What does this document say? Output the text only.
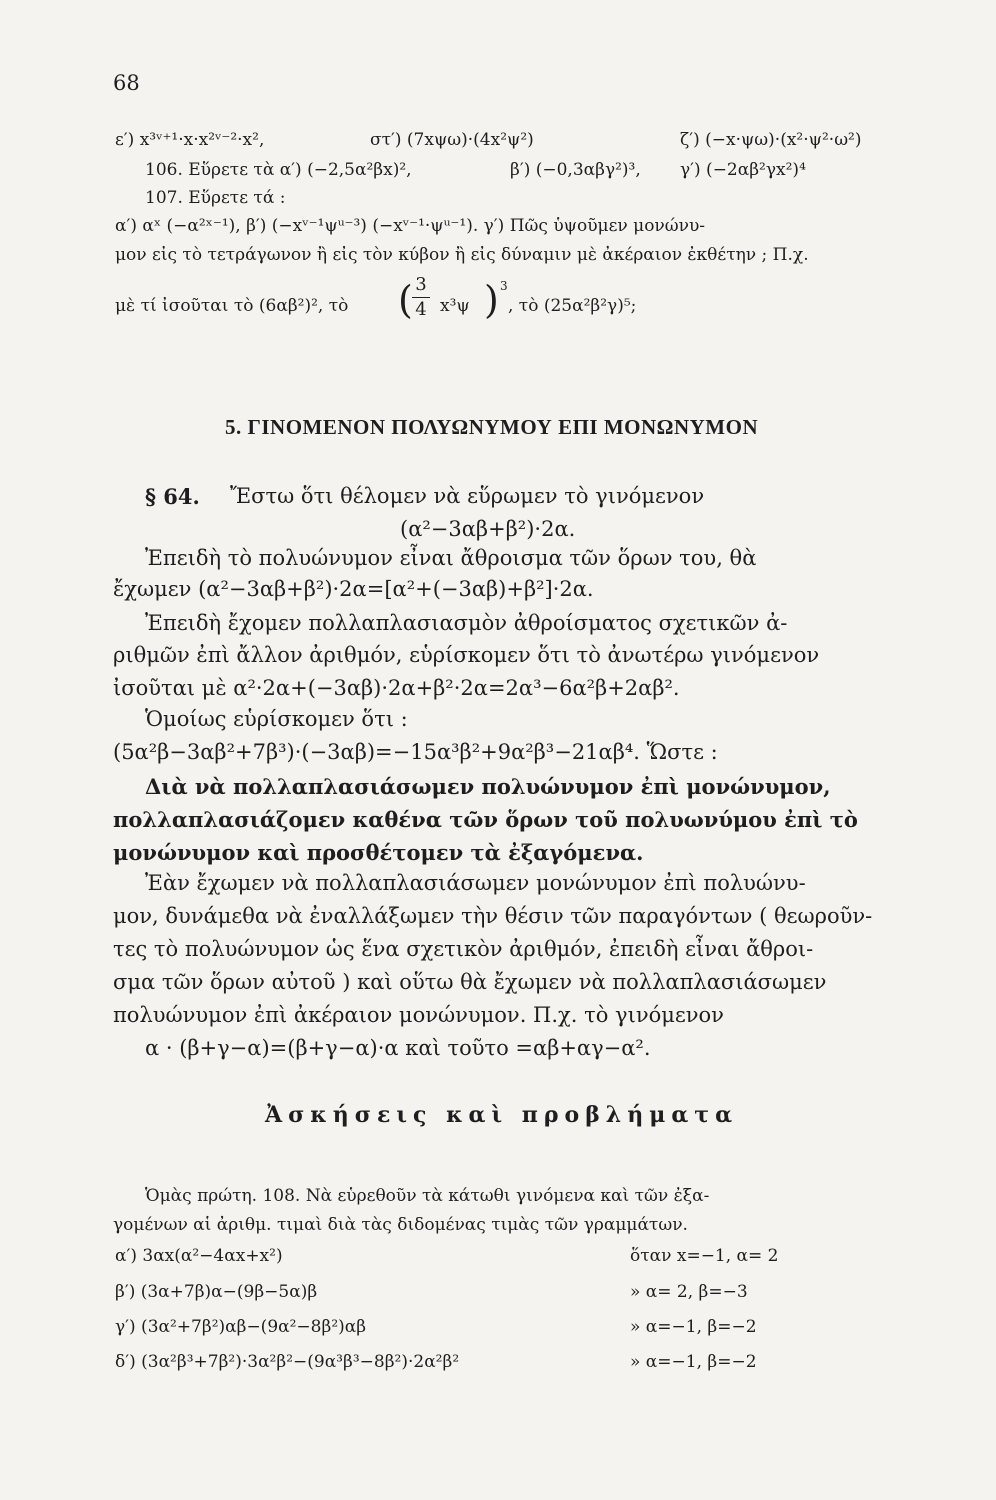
68
ε′) x³ᵛ⁺¹·x·x²ᵛ⁻²·x²,	στ′) (7xψω)·(4x²ψ²)	ζ′) (−x·ψω)·(x²·ψ²·ω²)
106. Εὕρετε τὰ α′) (−2,5α²βx)²,	β′) (−0,3αβγ²)³, γ′) (−2αβ²γx²)⁴
107. Εὕρετε τά :
α′) αˣ (−α²ˣ⁻¹), β′) (−xᵛ⁻¹ψᵘ⁻³) (−xᵛ⁻¹·ψᵘ⁻¹). γ′) Πῶς ὑψοῦμεν μονώνυ-
μον εἰς τὸ τετράγωνον ἢ εἰς τὸν κύβον ἢ εἰς δύναμιν μὲ ἀκέραιον ἐκθέτην ; Π.χ.
μὲ τί ἰσοῦται τὸ (6αβ²)², τὸ ( 3
4 x³ψ ) 3
, τὸ (25α²β²γ)⁵;
5. ΓΙΝΟΜΕΝΟΝ ΠΟΛΥΩΝΥΜΟΥ ΕΠΙ ΜΟΝΩΝΥΜΟΝ
§ 64. Ἔστω ὅτι θέλομεν νὰ εὕρωμεν τὸ γινόμενον
(α²−3αβ+β²)·2α.
Ἐπειδὴ τὸ πολυώνυμον εἶναι ἄθροισμα τῶν ὅρων του, θὰ
ἔχωμεν (α²−3αβ+β²)·2α=[α²+(−3αβ)+β²]·2α.
Ἐπειδὴ ἔχομεν πολλαπλασιασμὸν ἀθροίσματος σχετικῶν ἀ-
ριθμῶν ἐπὶ ἄλλον ἀριθμόν, εὑρίσκομεν ὅτι τὸ ἀνωτέρω γινόμενον
ἰσοῦται μὲ α²·2α+(−3αβ)·2α+β²·2α=2α³−6α²β+2αβ².
Ὁμοίως εὑρίσκομεν ὅτι :
(5α²β−3αβ²+7β³)·(−3αβ)=−15α³β²+9α²β³−21αβ⁴. Ὥστε :
Διὰ νὰ πολλαπλασιάσωμεν πολυώνυμον ἐπὶ μονώνυμον,
πολλαπλασιάζομεν καθένα τῶν ὅρων τοῦ πολυωνύμου ἐπὶ τὸ
μονώνυμον καὶ προσθέτομεν τὰ ἐξαγόμενα.
Ἐὰν ἔχωμεν νὰ πολλαπλασιάσωμεν μονώνυμον ἐπὶ πολυώνυ-
μον, δυνάμεθα νὰ ἐναλλάξωμεν τὴν θέσιν τῶν παραγόντων ( θεωροῦν-
τες τὸ πολυώνυμον ὡς ἕνα σχετικὸν ἀριθμόν, ἐπειδὴ εἶναι ἄθροι-
σμα τῶν ὅρων αὐτοῦ ) καὶ οὕτω θὰ ἔχωμεν νὰ πολλαπλασιάσωμεν
πολυώνυμον ἐπὶ ἀκέραιον μονώνυμον. Π.χ. τὸ γινόμενον
α · (β+γ−α)=(β+γ−α)·α καὶ τοῦτο =αβ+αγ−α².
Ἀσκήσεις καὶ προβλήματα
Ὁμὰς πρώτη. 108. Νὰ εὑρεθοῦν τὰ κάτωθι γινόμενα καὶ τῶν ἐξα-
γομένων αἱ ἀριθμ. τιμαὶ διὰ τὰς διδομένας τιμὰς τῶν γραμμάτων.
α′) 3αx(α²−4αx+x²)	ὅταν x=−1, α= 2
β′) (3α+7β)α−(9β−5α)β	» α= 2, β=−3
γ′) (3α²+7β²)αβ−(9α²−8β²)αβ	» α=−1, β=−2
δ′) (3α²β³+7β²)·3α²β²−(9α³β³−8β²)·2α²β²	» α=−1, β=−2
